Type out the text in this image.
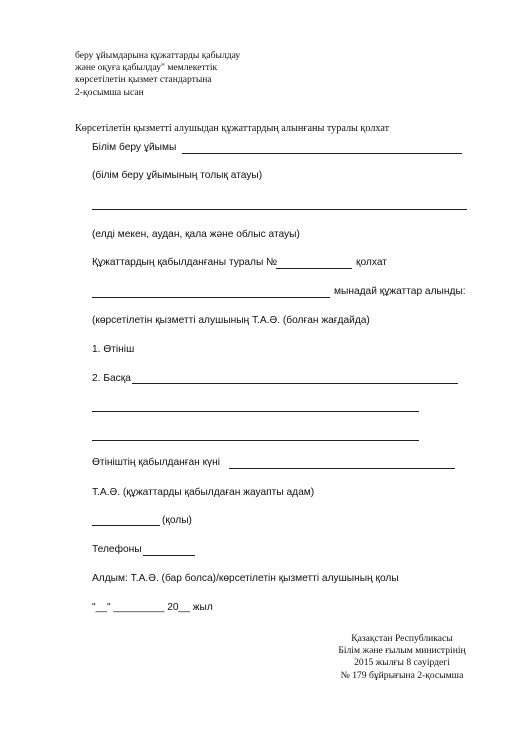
беру ұйымдарына құжаттарды қабылдау
және оқуға қабылдау" мемлекеттік
көрсетілетін қызмет стандартына
2-қосымша ысан
Көрсетілетін қызметті алушыдан құжаттардың алынғаны туралы қолхат
Білім беру ұйымы
(білім беру ұйымының толық атауы)
(елді мекен, аудан, қала және облыс атауы)
Құжаттардың қабылданғаны туралы №	қолхат
мынадай құжаттар алынды:
(көрсетілетін қызметті алушының Т.А.Ә. (болған жағдайда)
1. Өтініш
2. Басқа
Өтініштің қабылданған күні
Т.А.Ә. (құжаттарды қабылдаған жауапты адам)
(қолы)
Телефоны
Алдым: Т.А.Ә. (бар болса)/көрсетілетін қызметті алушының қолы
"__" _________ 20__ жыл
Қазақстан Республикасы
Білім және ғылым министрінің
2015 жылғы 8 сәуірдегі
№ 179 бұйрығына 2-қосымша
